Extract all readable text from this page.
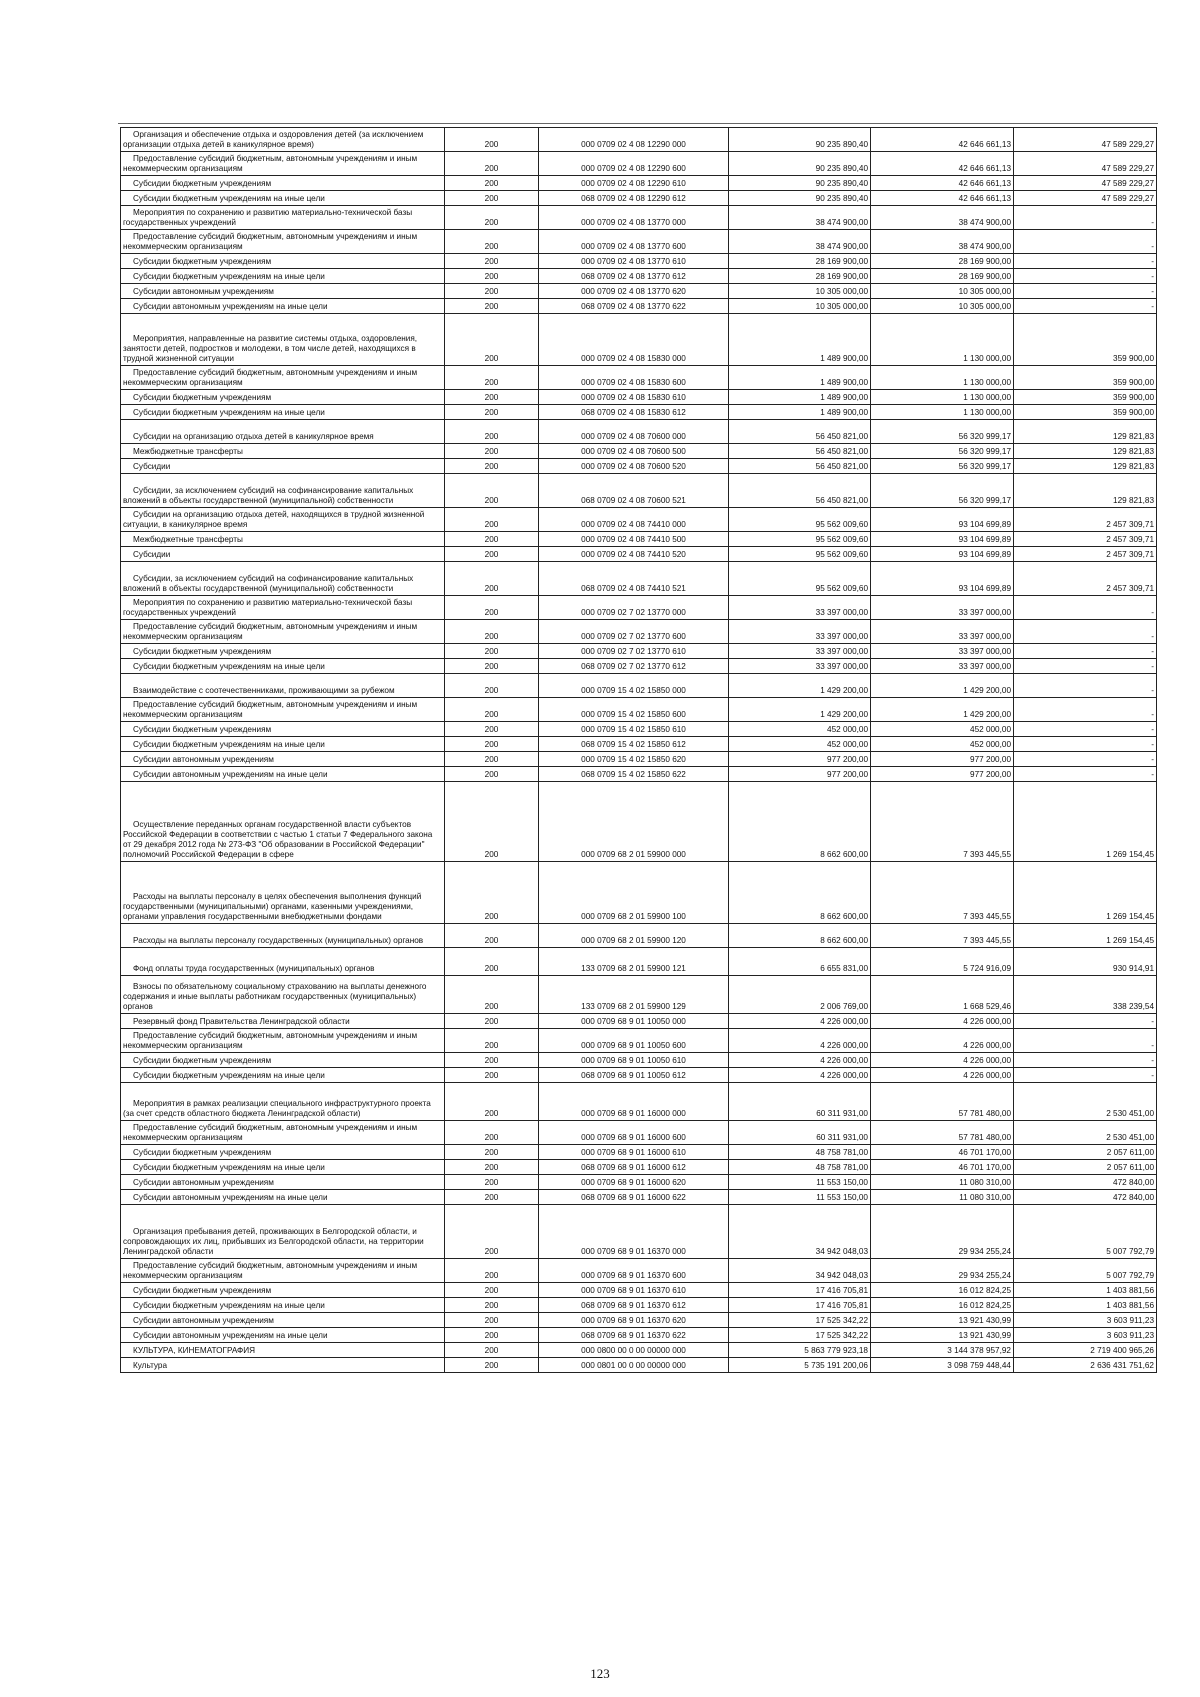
Организация и обеспечение отдыха и оздоровления детей (за исключением организации отдыха детей в каникулярное время)	200	000 0709 02 4 08 12290 000	90 235 890,40	42 646 661,13	47 589 229,27

Предоставление субсидий бюджетным, автономным учреждениям и иным некоммерческим организациям	200	000 0709 02 4 08 12290 600	90 235 890,40	42 646 661,13	47 589 229,27

Субсидии бюджетным учреждениям	200	000 0709 02 4 08 12290 610	90 235 890,40	42 646 661,13	47 589 229,27

Субсидии бюджетным учреждениям на иные цели	200	068 0709 02 4 08 12290 612	90 235 890,40	42 646 661,13	47 589 229,27

Мероприятия по сохранению и развитию материально-технической базы государственных учреждений	200	000 0709 02 4 08 13770 000	38 474 900,00	38 474 900,00	-

Предоставление субсидий бюджетным, автономным учреждениям и иным некоммерческим организациям	200	000 0709 02 4 08 13770 600	38 474 900,00	38 474 900,00	-

Субсидии бюджетным учреждениям	200	000 0709 02 4 08 13770 610	28 169 900,00	28 169 900,00	-

Субсидии бюджетным учреждениям на иные цели	200	068 0709 02 4 08 13770 612	28 169 900,00	28 169 900,00	-

Субсидии автономным учреждениям	200	000 0709 02 4 08 13770 620	10 305 000,00	10 305 000,00	-

Субсидии автономным учреждениям на иные цели	200	068 0709 02 4 08 13770 622	10 305 000,00	10 305 000,00	-

Мероприятия, направленные на развитие системы отдыха, оздоровления, занятости детей, подростков и молодежи, в том числе детей, находящихся в трудной жизненной ситуации	200	000 0709 02 4 08 15830 000	1 489 900,00	1 130 000,00	359 900,00

Предоставление субсидий бюджетным, автономным учреждениям и иным некоммерческим организациям	200	000 0709 02 4 08 15830 600	1 489 900,00	1 130 000,00	359 900,00

Субсидии бюджетным учреждениям	200	000 0709 02 4 08 15830 610	1 489 900,00	1 130 000,00	359 900,00

Субсидии бюджетным учреждениям на иные цели	200	068 0709 02 4 08 15830 612	1 489 900,00	1 130 000,00	359 900,00

Субсидии на организацию отдыха детей в каникулярное время	200	000 0709 02 4 08 70600 000	56 450 821,00	56 320 999,17	129 821,83

Межбюджетные трансферты	200	000 0709 02 4 08 70600 500	56 450 821,00	56 320 999,17	129 821,83

Субсидии	200	000 0709 02 4 08 70600 520	56 450 821,00	56 320 999,17	129 821,83

Субсидии, за исключением субсидий на софинансирование капитальных вложений в объекты государственной (муниципальной) собственности	200	068 0709 02 4 08 70600 521	56 450 821,00	56 320 999,17	129 821,83

Субсидии на организацию отдыха детей, находящихся в трудной жизненной ситуации, в каникулярное время	200	000 0709 02 4 08 74410 000	95 562 009,60	93 104 699,89	2 457 309,71

Межбюджетные трансферты	200	000 0709 02 4 08 74410 500	95 562 009,60	93 104 699,89	2 457 309,71

Субсидии	200	000 0709 02 4 08 74410 520	95 562 009,60	93 104 699,89	2 457 309,71

Субсидии, за исключением субсидий на софинансирование капитальных вложений в объекты государственной (муниципальной) собственности	200	068 0709 02 4 08 74410 521	95 562 009,60	93 104 699,89	2 457 309,71

Мероприятия по сохранению и развитию материально-технической базы государственных учреждений	200	000 0709 02 7 02 13770 000	33 397 000,00	33 397 000,00	-

Предоставление субсидий бюджетным, автономным учреждениям и иным некоммерческим организациям	200	000 0709 02 7 02 13770 600	33 397 000,00	33 397 000,00	-

Субсидии бюджетным учреждениям	200	000 0709 02 7 02 13770 610	33 397 000,00	33 397 000,00	-

Субсидии бюджетным учреждениям на иные цели	200	068 0709 02 7 02 13770 612	33 397 000,00	33 397 000,00	-

Взаимодействие с соотечественниками, проживающими за рубежом	200	000 0709 15 4 02 15850 000	1 429 200,00	1 429 200,00	-

Предоставление субсидий бюджетным, автономным учреждениям и иным некоммерческим организациям	200	000 0709 15 4 02 15850 600	1 429 200,00	1 429 200,00	-

Субсидии бюджетным учреждениям	200	000 0709 15 4 02 15850 610	452 000,00	452 000,00	-

Субсидии бюджетным учреждениям на иные цели	200	068 0709 15 4 02 15850 612	452 000,00	452 000,00	-

Субсидии автономным учреждениям	200	000 0709 15 4 02 15850 620	977 200,00	977 200,00	-

Субсидии автономным учреждениям на иные цели	200	068 0709 15 4 02 15850 622	977 200,00	977 200,00	-

Осуществление переданных органам государственной власти субъектов Российской Федерации в соответствии с частью 1 статьи 7 Федерального закона от 29 декабря 2012 года № 273-ФЗ "Об образовании в Российской Федерации" полномочий Российской Федерации в сфере	200	000 0709 68 2 01 59900 000	8 662 600,00	7 393 445,55	1 269 154,45

Расходы на выплаты персоналу в целях обеспечения выполнения функций государственными (муниципальными) органами, казенными учреждениями, органами управления государственными внебюджетными фондами	200	000 0709 68 2 01 59900 100	8 662 600,00	7 393 445,55	1 269 154,45

Расходы на выплаты персоналу государственных (муниципальных) органов	200	000 0709 68 2 01 59900 120	8 662 600,00	7 393 445,55	1 269 154,45

Фонд оплаты труда государственных (муниципальных) органов	200	133 0709 68 2 01 59900 121	6 655 831,00	5 724 916,09	930 914,91

Взносы по обязательному социальному страхованию на выплаты денежного содержания и иные выплаты работникам государственных (муниципальных) органов	200	133 0709 68 2 01 59900 129	2 006 769,00	1 668 529,46	338 239,54

Резервный фонд Правительства Ленинградской области	200	000 0709 68 9 01 10050 000	4 226 000,00	4 226 000,00	-

Предоставление субсидий бюджетным, автономным учреждениям и иным некоммерческим организациям	200	000 0709 68 9 01 10050 600	4 226 000,00	4 226 000,00	-

Субсидии бюджетным учреждениям	200	000 0709 68 9 01 10050 610	4 226 000,00	4 226 000,00	-

Субсидии бюджетным учреждениям на иные цели	200	068 0709 68 9 01 10050 612	4 226 000,00	4 226 000,00	-

Мероприятия в рамках реализации специального инфраструктурного проекта (за счет средств областного бюджета Ленинградской области)	200	000 0709 68 9 01 16000 000	60 311 931,00	57 781 480,00	2 530 451,00

Предоставление субсидий бюджетным, автономным учреждениям и иным некоммерческим организациям	200	000 0709 68 9 01 16000 600	60 311 931,00	57 781 480,00	2 530 451,00

Субсидии бюджетным учреждениям	200	000 0709 68 9 01 16000 610	48 758 781,00	46 701 170,00	2 057 611,00

Субсидии бюджетным учреждениям на иные цели	200	068 0709 68 9 01 16000 612	48 758 781,00	46 701 170,00	2 057 611,00

Субсидии автономным учреждениям	200	000 0709 68 9 01 16000 620	11 553 150,00	11 080 310,00	472 840,00

Субсидии автономным учреждениям на иные цели	200	068 0709 68 9 01 16000 622	11 553 150,00	11 080 310,00	472 840,00

Организация пребывания детей, проживающих в Белгородской области, и сопровождающих их лиц, прибывших из Белгородской области, на территории Ленинградской области	200	000 0709 68 9 01 16370 000	34 942 048,03	29 934 255,24	5 007 792,79

Предоставление субсидий бюджетным, автономным учреждениям и иным некоммерческим организациям	200	000 0709 68 9 01 16370 600	34 942 048,03	29 934 255,24	5 007 792,79

Субсидии бюджетным учреждениям	200	000 0709 68 9 01 16370 610	17 416 705,81	16 012 824,25	1 403 881,56

Субсидии бюджетным учреждениям на иные цели	200	068 0709 68 9 01 16370 612	17 416 705,81	16 012 824,25	1 403 881,56

Субсидии автономным учреждениям	200	000 0709 68 9 01 16370 620	17 525 342,22	13 921 430,99	3 603 911,23

Субсидии автономным учреждениям на иные цели	200	068 0709 68 9 01 16370 622	17 525 342,22	13 921 430,99	3 603 911,23

КУЛЬТУРА, КИНЕМАТОГРАФИЯ	200	000 0800 00 0 00 00000 000	5 863 779 923,18	3 144 378 957,92	2 719 400 965,26

Культура	200	000 0801 00 0 00 00000 000	5 735 191 200,06	3 098 759 448,44	2 636 431 751,62
123
